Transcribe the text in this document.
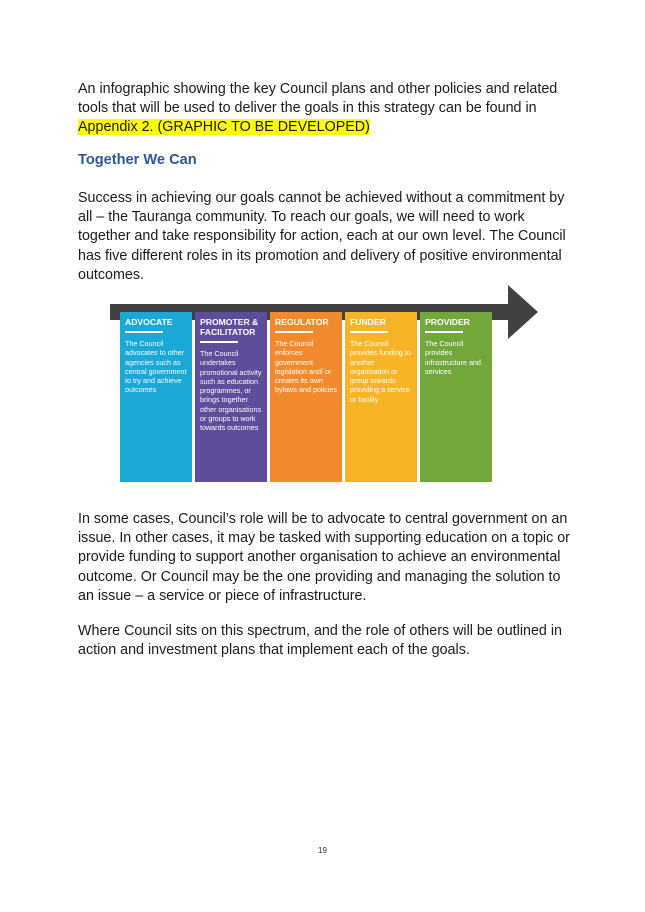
An infographic showing the key Council plans and other policies and related tools that will be used to deliver the goals in this strategy can be found in Appendix 2. (GRAPHIC TO BE DEVELOPED)

Together We Can

Success in achieving our goals cannot be achieved without a commitment by all – the Tauranga community. To reach our goals, we will need to work together and take responsibility for action, each at our own level. The Council has five different roles in its promotion and delivery of positive environmental outcomes.

ADVOCATE
The Council advocates to other agencies such as central government to try and achieve outcomes
PROMOTER & FACILITATOR
The Council undertakes promotional activity such as education programmes, or brings together other organisations or groups to work towards outcomes
REGULATOR
The Council enforces government legislation and/ or creates its own bylaws and policies
FUNDER
The Council provides funding to another organisation or group towards providing a service or facility
PROVIDER
The Council provides infrastructure and services

In some cases, Council’s role will be to advocate to central government on an issue. In other cases, it may be tasked with supporting education on a topic or provide funding to support another organisation to achieve an environmental outcome. Or Council may be the one providing and managing the solution to an issue – a service or piece of infrastructure.

Where Council sits on this spectrum, and the role of others will be outlined in action and investment plans that implement each of the goals.

19
